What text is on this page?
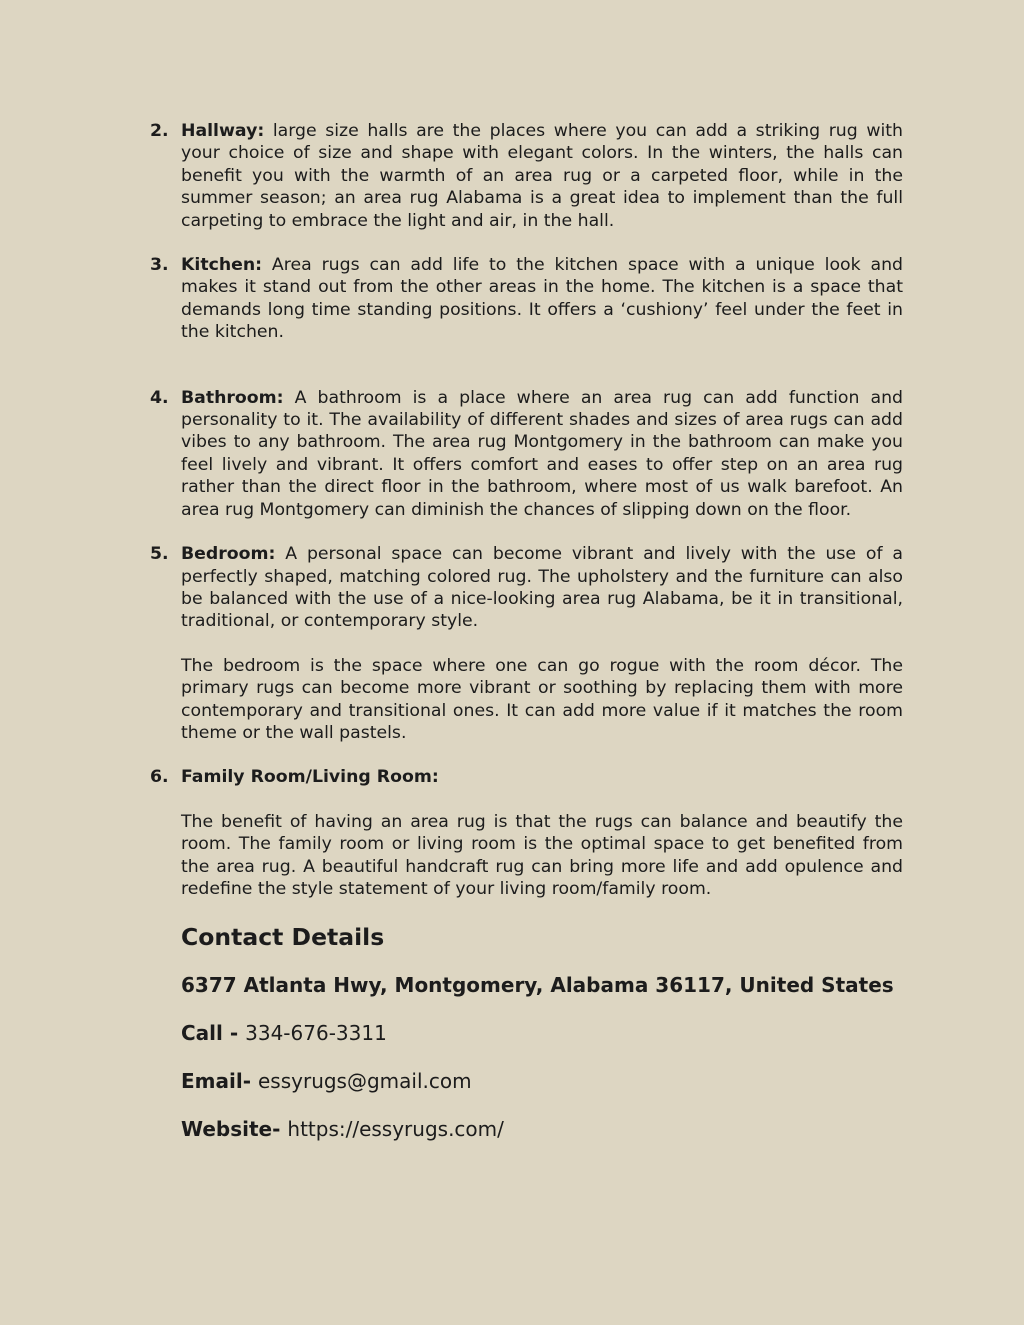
2. Hallway: large size halls are the places where you can add a striking rug with your choice of size and shape with elegant colors. In the winters, the halls can benefit you with the warmth of an area rug or a carpeted floor, while in the summer season; an area rug Alabama is a great idea to implement than the full carpeting to embrace the light and air, in the hall.
3. Kitchen: Area rugs can add life to the kitchen space with a unique look and makes it stand out from the other areas in the home. The kitchen is a space that demands long time standing positions. It offers a ‘cushiony’ feel under the feet in the kitchen.
4. Bathroom: A bathroom is a place where an area rug can add function and personality to it. The availability of different shades and sizes of area rugs can add vibes to any bathroom. The area rug Montgomery in the bathroom can make you feel lively and vibrant. It offers comfort and eases to offer step on an area rug rather than the direct floor in the bathroom, where most of us walk barefoot. An area rug Montgomery can diminish the chances of slipping down on the floor.
5. Bedroom: A personal space can become vibrant and lively with the use of a perfectly shaped, matching colored rug. The upholstery and the furniture can also be balanced with the use of a nice-looking area rug Alabama, be it in transitional, traditional, or contemporary style.
The bedroom is the space where one can go rogue with the room décor. The primary rugs can become more vibrant or soothing by replacing them with more contemporary and transitional ones. It can add more value if it matches the room theme or the wall pastels.
6. Family Room/Living Room:
The benefit of having an area rug is that the rugs can balance and beautify the room. The family room or living room is the optimal space to get benefited from the area rug. A beautiful handcraft rug can bring more life and add opulence and redefine the style statement of your living room/family room.
Contact Details
6377 Atlanta Hwy, Montgomery, Alabama 36117, United States
Call - 334-676-3311
Email- essyrugs@gmail.com
Website- https://essyrugs.com/
